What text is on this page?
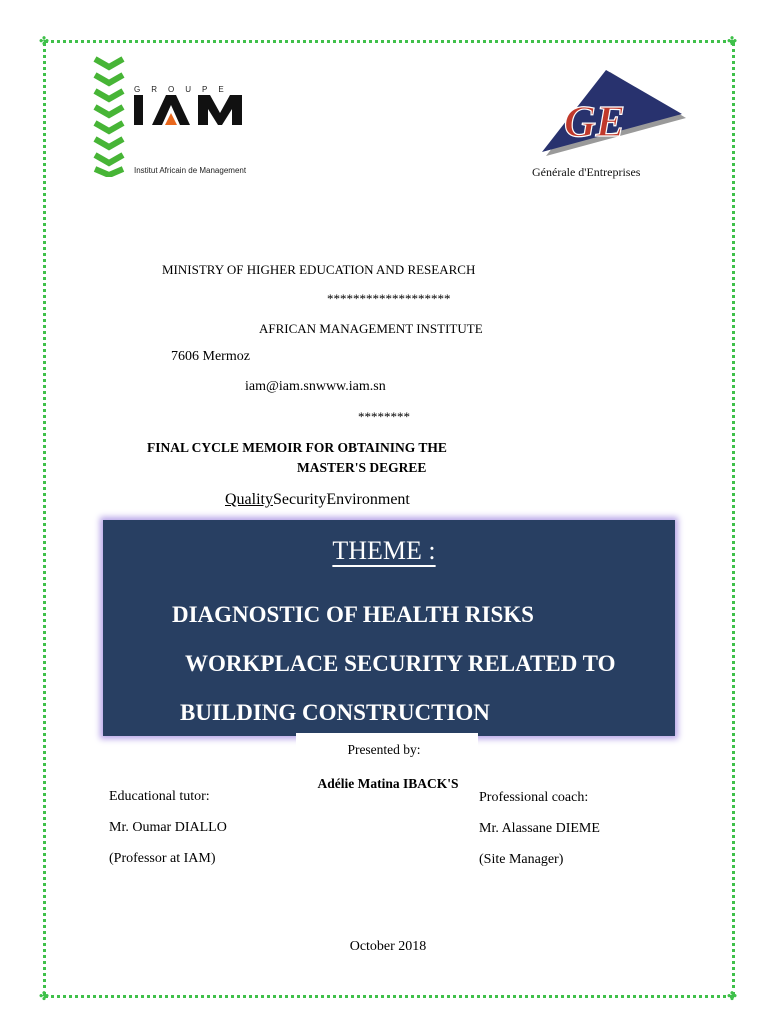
✤	✤
✤	✤
GROUPE
Institut Africain de Management
GE
Générale d'Entreprises
MINISTRY OF HIGHER EDUCATION AND RESEARCH
*******************
AFRICAN MANAGEMENT INSTITUTE
7606 Mermoz
iam@iam.snwww.iam.sn
********
FINAL CYCLE MEMOIR FOR OBTAINING THE
MASTER'S DEGREE
QualitySecurityEnvironment
THEME :
DIAGNOSTIC OF HEALTH RISKS
WORKPLACE SECURITY RELATED TO
BUILDING CONSTRUCTION
Presented by:
Adélie Matina IBACK'S
Educational tutor:
Mr. Oumar DIALLO
(Professor at IAM)
Professional coach:
Mr. Alassane DIEME
(Site Manager)
October 2018
